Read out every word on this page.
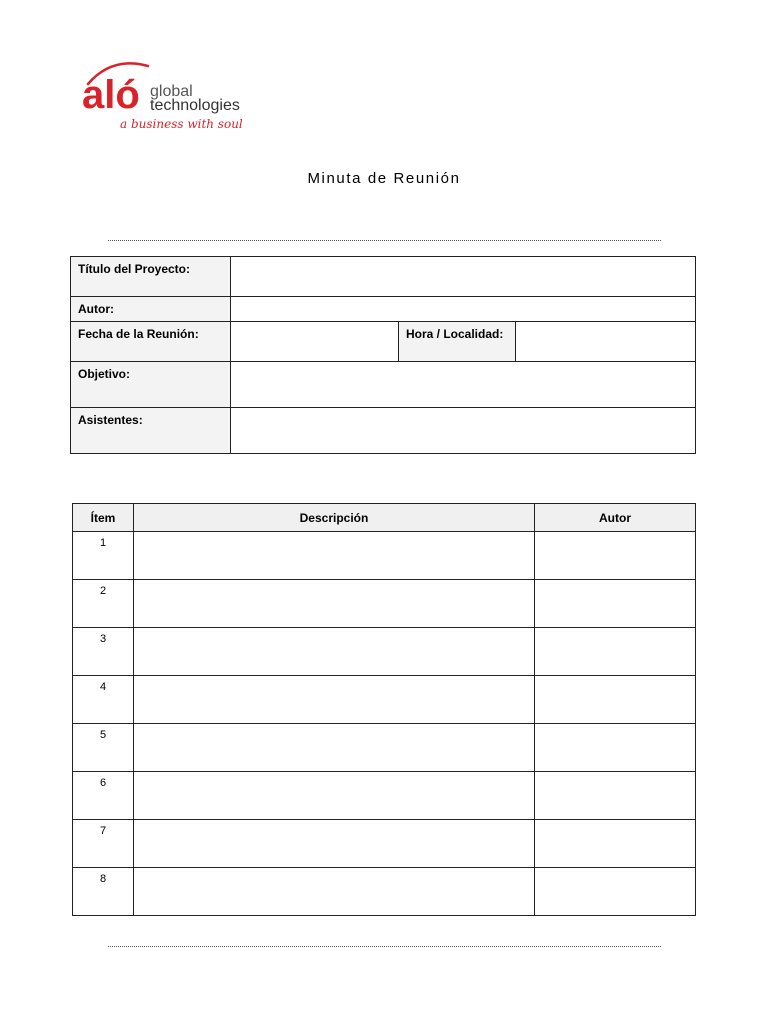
aló global
technologies
a business with soul
Minuta de Reunión
Título del Proyecto:			
Autor:			
Fecha de la Reunión:		Hora / Localidad:	
Objetivo:			
Asistentes:			
Ítem	Descripción	Autor
1		
2		
3		
4		
5		
6		
7		
8		
